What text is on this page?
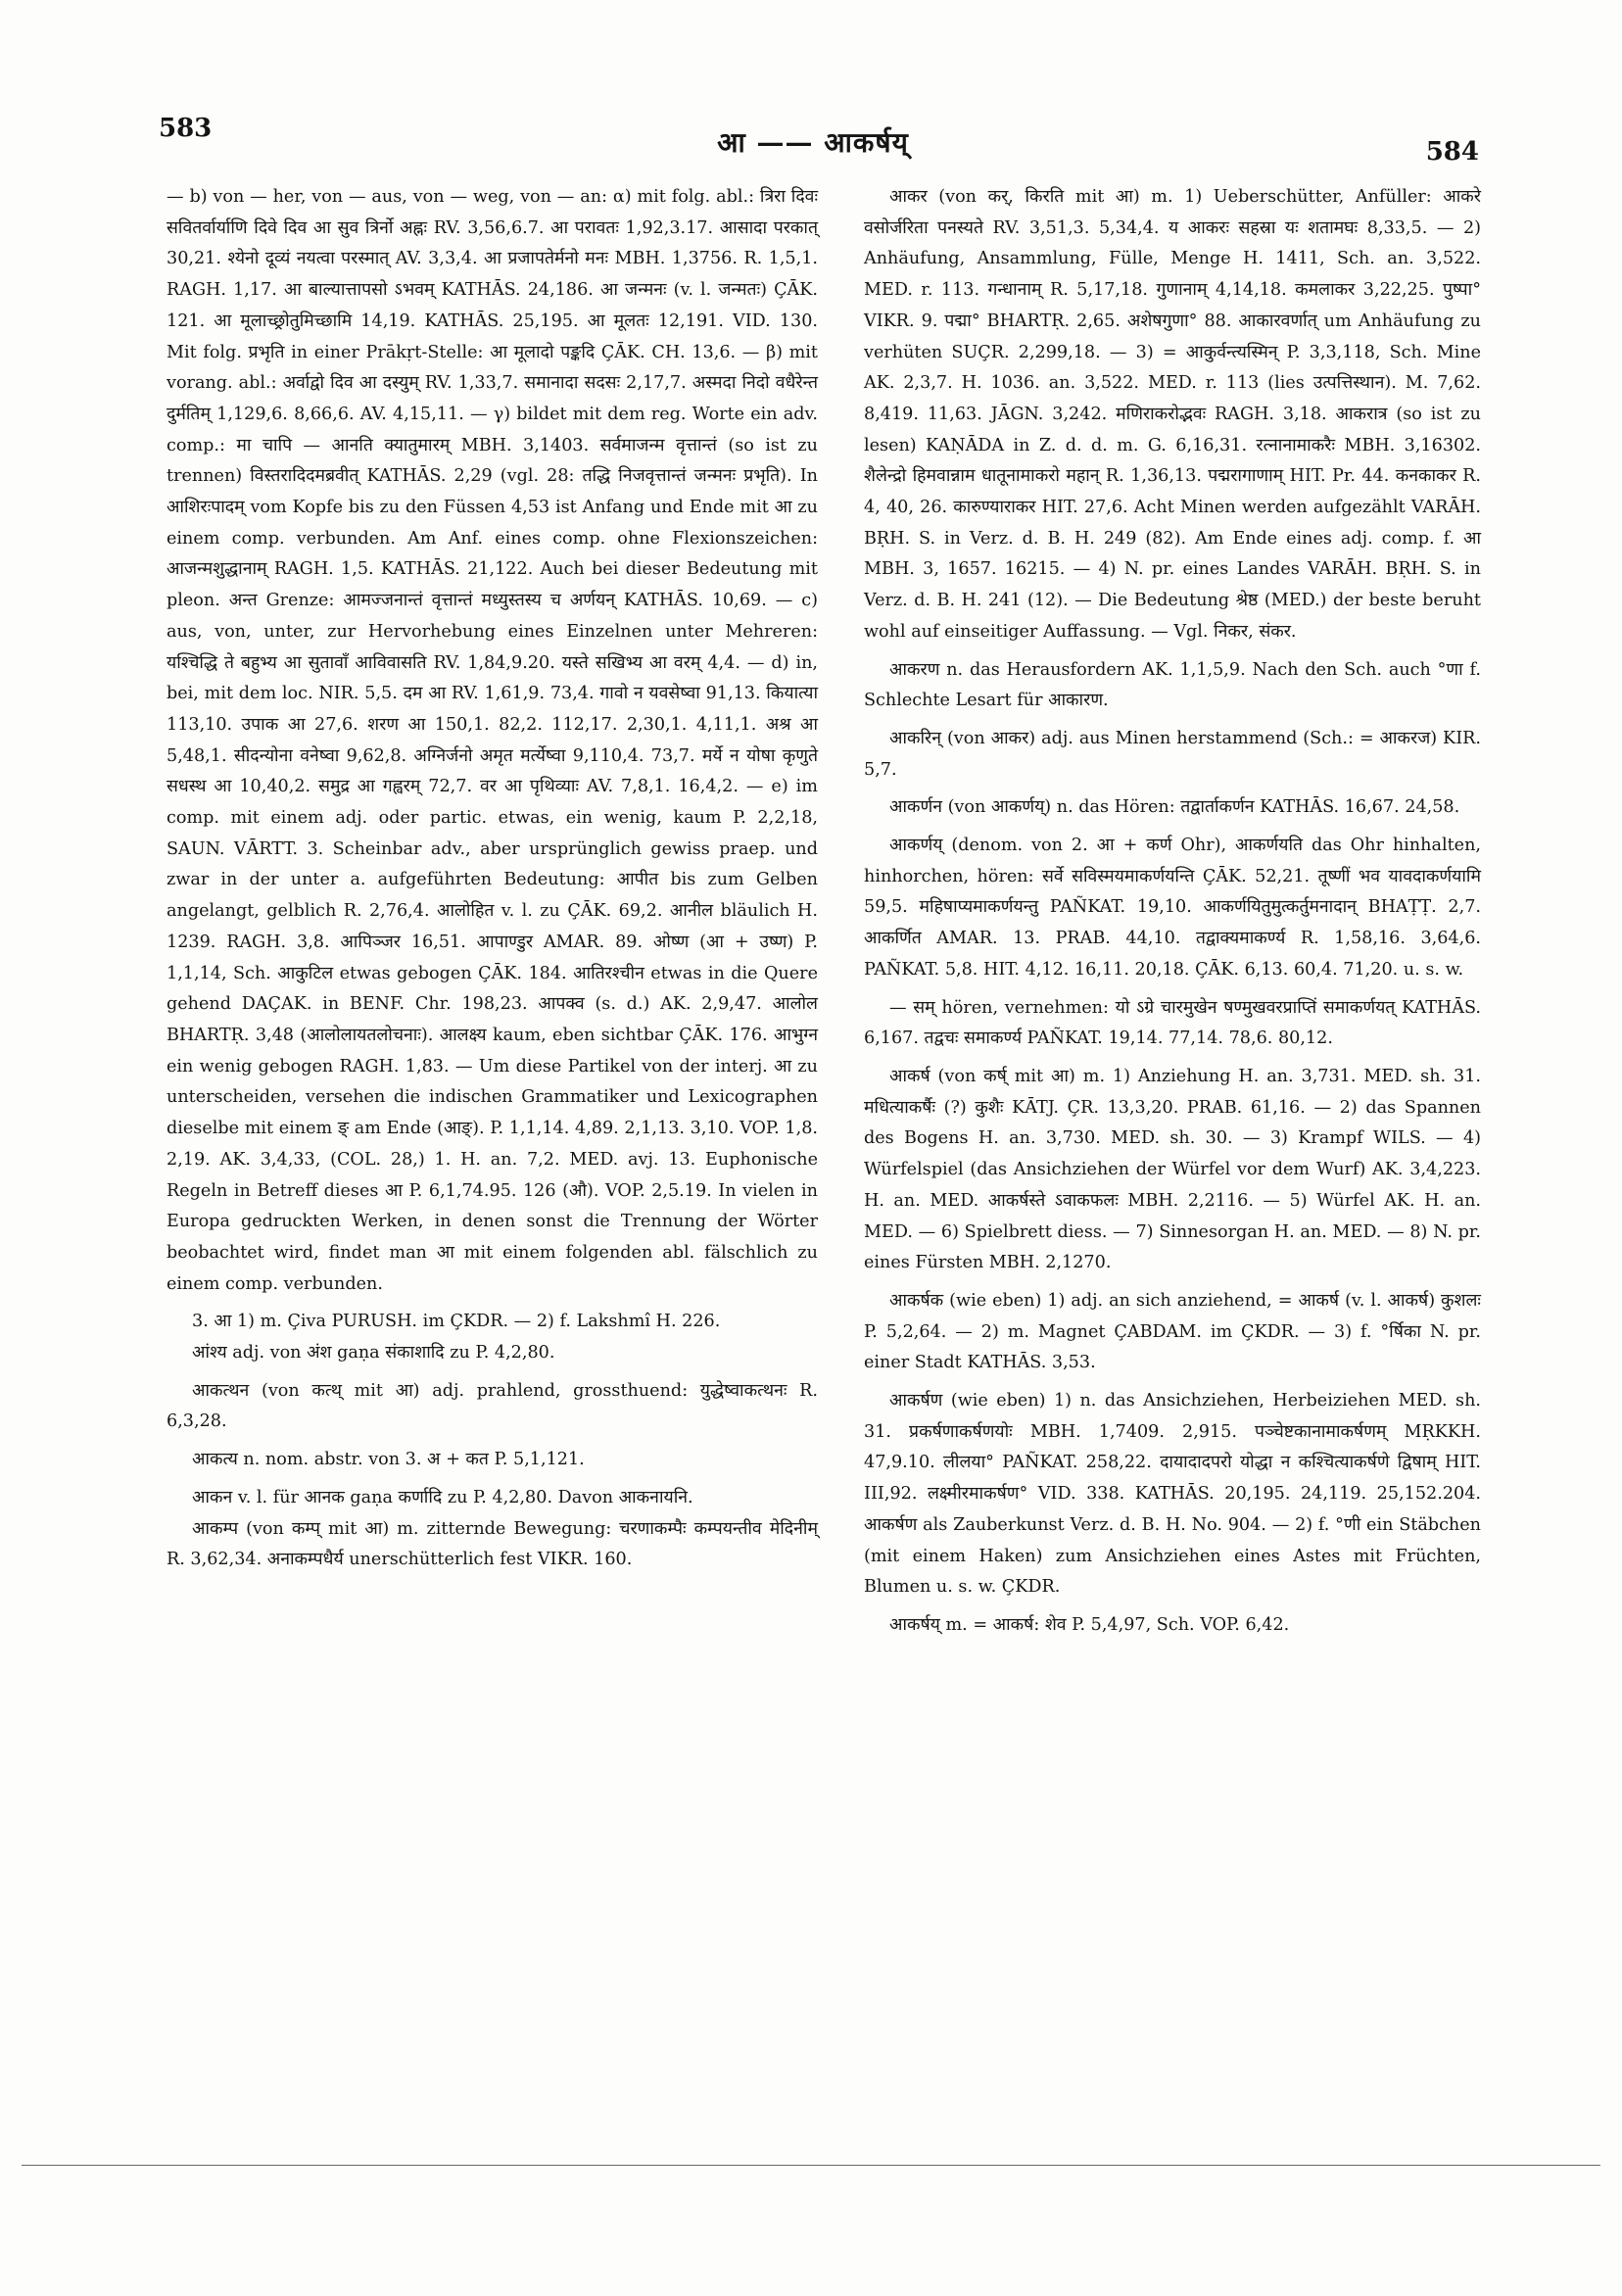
583	आ —— आकर्षय्	584

— b) von — her, von — aus, von — weg, von — an: α) mit folg. abl.: त्रिरा दिवः सवितर्वार्याणि दिवे दिव आ सुव त्रिर्नो अह्नः RV. 3,56,6.7. आ परावतः 1,92,3.17. आसादा परकात् 30,21. श्येनो दूव्यं नयत्वा परस्मात् AV. 3,3,4. आ प्रजापतेर्मनो मनः MBH. 1,3756. R. 1,5,1. RAGH. 1,17. आ बाल्यात्तापसो ऽभवम् KATHĀS. 24,186. आ जन्मनः (v. l. जन्मतः) ÇĀK. 121. आ मूलाच्छ्रोतुमिच्छामि 14,19. KATHĀS. 25,195. आ मूलतः 12,191. VID. 130. Mit folg. प्रभृति in einer Prākṛt-Stelle: आ मूलादो पङ्कदि ÇĀK. CH. 13,6. — β) mit vorang. abl.: अर्वाद्वो दिव आ दस्युम् RV. 1,33,7. समानादा सदसः 2,17,7. अस्मदा निदो वधैरेन्त दुर्मतिम् 1,129,6. 8,66,6. AV. 4,15,11. — γ) bildet mit dem reg. Worte ein adv. comp.: मा चापि — आनति क्यातुमारम् MBH. 3,1403. सर्वमाजन्म वृत्तान्तं (so ist zu trennen) विस्तरादिदमब्रवीत् KATHĀS. 2,29 (vgl. 28: तद्धि निजवृत्तान्तं जन्मनः प्रभृति). In आशिरःपादम् vom Kopfe bis zu den Füssen 4,53 ist Anfang und Ende mit आ zu einem comp. verbunden. Am Anf. eines comp. ohne Flexionszeichen: आजन्मशुद्धानाम् RAGH. 1,5. KATHĀS. 21,122. Auch bei dieser Bedeutung mit pleon. अन्त Grenze: आमज्जनान्तं वृत्तान्तं मध्युस्तस्य च अर्णयन् KATHĀS. 10,69. — c) aus, von, unter, zur Hervorhebung eines Einzelnen unter Mehreren: यश्चिद्धि ते बहुभ्य आ सुतावाँ आविवासति RV. 1,84,9.20. यस्ते सखिभ्य आ वरम् 4,4. — d) in, bei, mit dem loc. NIR. 5,5. दम आ RV. 1,61,9. 73,4. गावो न यवसेष्वा 91,13. कियात्या 113,10. उपाक आ 27,6. शरण आ 150,1. 82,2. 112,17. 2,30,1. 4,11,1. अश्र आ 5,48,1. सीदन्योना वनेष्वा 9,62,8. अग्निर्जनो अमृत मर्त्येष्वा 9,110,4. 73,7. मर्ये न योषा कृणुते सधस्थ आ 10,40,2. समुद्र आ गह्वरम् 72,7. वर आ पृथिव्याः AV. 7,8,1. 16,4,2. — e) im comp. mit einem adj. oder partic. etwas, ein wenig, kaum P. 2,2,18, SAUN. VĀRTT. 3. Scheinbar adv., aber ursprünglich gewiss praep. und zwar in der unter a. aufgeführten Bedeutung: आपीत bis zum Gelben angelangt, gelblich R. 2,76,4. आलोहित v. l. zu ÇĀK. 69,2. आनील bläulich H. 1239. RAGH. 3,8. आपिञ्जर 16,51. आपाण्डुर AMAR. 89. ओष्ण (आ + उष्ण) P. 1,1,14, Sch. आकुटिल etwas gebogen ÇĀK. 184. आतिरश्चीन etwas in die Quere gehend DAÇAK. in BENF. Chr. 198,23. आपक्व (s. d.) AK. 2,9,47. आलोल BHARTṚ. 3,48 (आलोलायतलोचनाः). आलक्ष्य kaum, eben sichtbar ÇĀK. 176. आभुग्न ein wenig gebogen RAGH. 1,83. — Um diese Partikel von der interj. आ zu unterscheiden, versehen die indischen Grammatiker und Lexicographen dieselbe mit einem ङ् am Ende (आङ्). P. 1,1,14. 4,89. 2,1,13. 3,10. VOP. 1,8. 2,19. AK. 3,4,33, (COL. 28,) 1. H. an. 7,2. MED. avj. 13. Euphonische Regeln in Betreff dieses आ P. 6,1,74.95. 126 (औ). VOP. 2,5.19. In vielen in Europa gedruckten Werken, in denen sonst die Trennung der Wörter beobachtet wird, findet man आ mit einem folgenden abl. fälschlich zu einem comp. verbunden.

3. आ 1) m. Çiva PURUSH. im ÇKDR. — 2) f. Lakshmî H. 226.

आंश्य adj. von अंश gaṇa संकाशादि zu P. 4,2,80.

आकत्थन (von कत्थ् mit आ) adj. prahlend, grossthuend: युद्धेष्वाकत्थनः R. 6,3,28.

आकत्य n. nom. abstr. von 3. अ + कत P. 5,1,121.

आकन v. l. für आनक gaṇa कर्णादि zu P. 4,2,80. Davon आकनायनि.

आकम्प (von कम्प् mit आ) m. zitternde Bewegung: चरणाकम्पैः कम्पयन्तीव मेदिनीम् R. 3,62,34. अनाकम्पधैर्य unerschütterlich fest VIKR. 160.

आकर (von कर्, किरति mit आ) m. 1) Ueberschütter, Anfüller: आकरे वसोर्जरिता पनस्यते RV. 3,51,3. 5,34,4. य आकरः सहस्रा यः शतामघः 8,33,5. — 2) Anhäufung, Ansammlung, Fülle, Menge H. 1411, Sch. an. 3,522. MED. r. 113. गन्धानाम् R. 5,17,18. गुणानाम् 4,14,18. कमलाकर 3,22,25. पुष्पा° VIKR. 9. पद्मा° BHARTṚ. 2,65. अशेषगुणा° 88. आकारवर्णात् um Anhäufung zu verhüten SUÇR. 2,299,18. — 3) = आकुर्वन्त्यस्मिन् P. 3,3,118, Sch. Mine AK. 2,3,7. H. 1036. an. 3,522. MED. r. 113 (lies उत्पत्तिस्थान). M. 7,62. 8,419. 11,63. JĀGN. 3,242. मणिराकरोद्भवः RAGH. 3,18. आकरात्र (so ist zu lesen) KAṆĀDA in Z. d. d. m. G. 6,16,31. रत्नानामाकरैः MBH. 3,16302. शैलेन्द्रो हिमवान्नाम धातूनामाकरो महान् R. 1,36,13. पद्मरागाणाम् HIT. Pr. 44. कनकाकर R. 4, 40, 26. कारुण्याराकर HIT. 27,6. Acht Minen werden aufgezählt VARĀH. BṚH. S. in Verz. d. B. H. 249 (82). Am Ende eines adj. comp. f. आ MBH. 3, 1657. 16215. — 4) N. pr. eines Landes VARĀH. BṚH. S. in Verz. d. B. H. 241 (12). — Die Bedeutung श्रेष्ठ (MED.) der beste beruht wohl auf einseitiger Auffassung. — Vgl. निकर, संकर.

आकरण n. das Herausfordern AK. 1,1,5,9. Nach den Sch. auch °णा f. Schlechte Lesart für आकारण.

आकरिन् (von आकर) adj. aus Minen herstammend (Sch.: = आकरज) KIR. 5,7.

आकर्णन (von आकर्णय्) n. das Hören: तद्वार्ताकर्णन KATHĀS. 16,67. 24,58.

आकर्णय् (denom. von 2. आ + कर्ण Ohr), आकर्णयति das Ohr hinhalten, hinhorchen, hören: सर्वे सविस्मयमाकर्णयन्ति ÇĀK. 52,21. तूष्णीं भव यावदाकर्णयामि 59,5. महिषाप्यमाकर्णयन्तु PAÑKAT. 19,10. आकर्णयितुमुत्कर्तुमनादान् BHAṬṬ. 2,7. आकर्णित AMAR. 13. PRAB. 44,10. तद्वाक्यमाकर्ण्य R. 1,58,16. 3,64,6. PAÑKAT. 5,8. HIT. 4,12. 16,11. 20,18. ÇĀK. 6,13. 60,4. 71,20. u. s. w.

— सम् hören, vernehmen: यो ऽग्रे चारमुखेन षण्मुखवरप्राप्तिं समाकर्णयत् KATHĀS. 6,167. तद्वचः समाकर्ण्य PAÑKAT. 19,14. 77,14. 78,6. 80,12.

आकर्ष (von कर्ष् mit आ) m. 1) Anziehung H. an. 3,731. MED. sh. 31. मधित्याकर्षैः (?) कुशैः KĀTJ. ÇR. 13,3,20. PRAB. 61,16. — 2) das Spannen des Bogens H. an. 3,730. MED. sh. 30. — 3) Krampf WILS. — 4) Würfelspiel (das Ansichziehen der Würfel vor dem Wurf) AK. 3,4,223. H. an. MED. आकर्षस्ते ऽवाकफलः MBH. 2,2116. — 5) Würfel AK. H. an. MED. — 6) Spielbrett diess. — 7) Sinnesorgan H. an. MED. — 8) N. pr. eines Fürsten MBH. 2,1270.

आकर्षक (wie eben) 1) adj. an sich anziehend, = आकर्ष (v. l. आकर्ष) कुशलः P. 5,2,64. — 2) m. Magnet ÇABDAM. im ÇKDR. — 3) f. °र्षिका N. pr. einer Stadt KATHĀS. 3,53.

आकर्षण (wie eben) 1) n. das Ansichziehen, Herbeiziehen MED. sh. 31. प्रकर्षणाकर्षणयोः MBH. 1,7409. 2,915. पञ्चेष्टकानामाकर्षणम् MṚKKH. 47,9.10. लीलया° PAÑKAT. 258,22. दायादादपरो योद्धा न कश्चित्याकर्षणे द्विषाम् HIT. III,92. लक्ष्मीरमाकर्षण° VID. 338. KATHĀS. 20,195. 24,119. 25,152.204. आकर्षण als Zauberkunst Verz. d. B. H. No. 904. — 2) f. °णी ein Stäbchen (mit einem Haken) zum Ansichziehen eines Astes mit Früchten, Blumen u. s. w. ÇKDR.

आकर्षय् m. = आकर्ष: शेव P. 5,4,97, Sch. VOP. 6,42.
